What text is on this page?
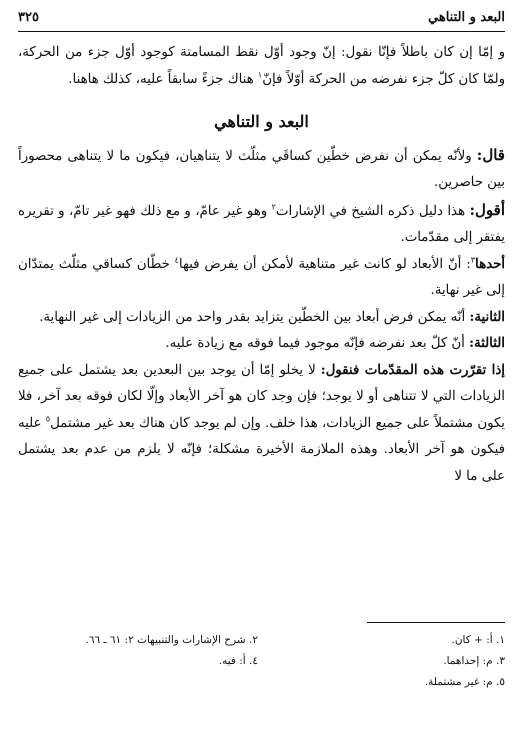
البعد و التناهي
٣٢٥

و إمّا إن كان باطلاً فإنّا نقول: إنّ وجود أوّل نقط المسامتة كوجود أوّل جزء من الحركة، ولمّا كان كلّ جزء نفرضه من الحركة أوّلاً فإنّ$^١$ هناك جزءً سابقاً عليه، كذلك هاهنا.

البعد و التناهي

قال: ولأنّه يمكن أن نفرض خطّين كساقَي مثلّث لا يتناهيان، فيكون ما لا يتناهى محصوراً بين حاصرين.

أقول: هذا دليل ذكره الشيخ في الإشارات$^٢$ وهو غير عامّ، و مع ذلك فهو غير تامّ، و تقريره يفتقر إلى مقدّمات.

أحدها$^٣$: أنّ الأبعاد لو كانت غير متناهية لأمكن أن يفرض فيها$^٤$ خطّان كساقي مثلّث يمتدّان إلى غير نهاية.

الثانية: أنّه يمكن فرض أبعاد بين الخطّين يتزايد بقدر واحد من الزيادات إلى غير النهاية.

الثالثة: أنّ كلّ بعد نفرضه فإنّه موجود فيما فوقه مع زيادة عليه.

إذا تقرّرت هذه المقدّمات فنقول: لا يخلو إمّا أن يوجد بين البعدين بعد يشتمل على جميع الزيادات التي لا تتناهى أو لا يوجد؛ فإن وجد كان هو آخر الأبعاد وإلّا لكان فوقه بعد آخر، فلا يكون مشتملاً على جميع الزيادات، هذا خلف. وإن لم يوجد كان هناك بعد غير مشتمل$^٥$ عليه فيكون هو آخر الأبعاد. وهذه الملازمة الأخيرة مشكلة؛ فإنّه لا يلزم من عدم بعد يشتمل على ما لا

١. أ: + كان.
٣. م: إحداهما.
٥. م: غير مشتملة.
٢. شرح الإشارات والتنبيهات ٢: ٦١ ـ ٦٦.
٤. أ: فيه.
